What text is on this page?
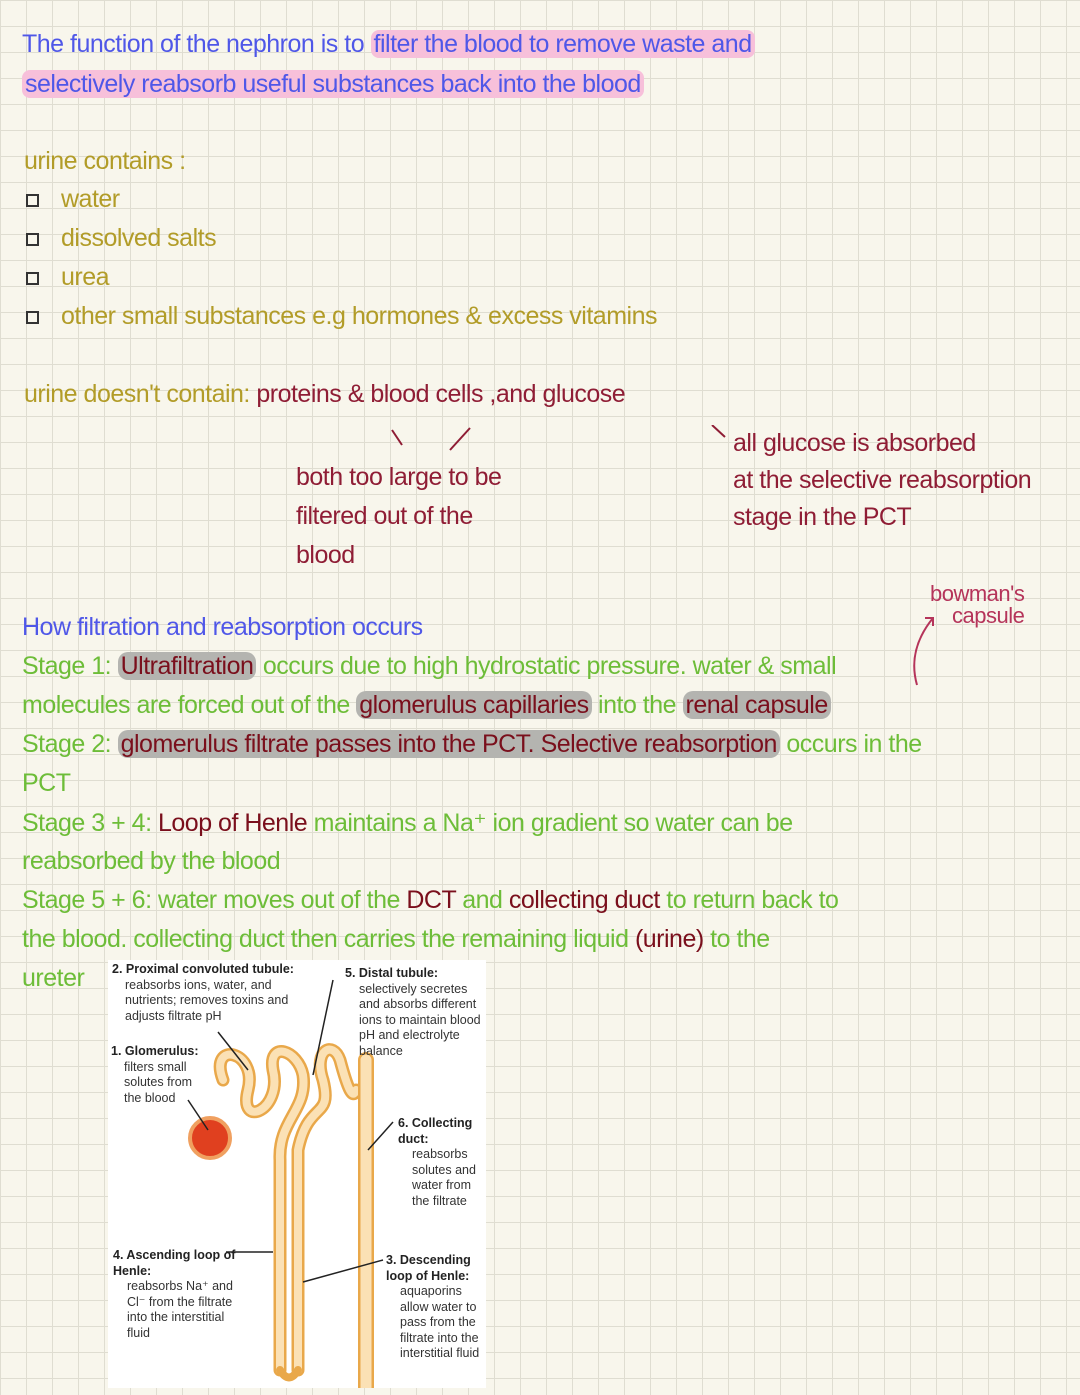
The function of the nephron is to filter the blood to remove waste and
selectively reabsorb useful substances back into the blood
urine contains :
water
dissolved salts
urea
other small substances e.g hormones & excess vitamins
urine doesn't contain: proteins & blood cells ,and glucose
both too large to be
filtered out of the
blood
all glucose is absorbed
at the selective reabsorption
stage in the PCT
How filtration and reabsorption occurs
bowman's
capsule
Stage 1: Ultrafiltration occurs due to high hydrostatic pressure. water & small
molecules are forced out of the glomerulus capillaries into the renal capsule
Stage 2: glomerulus filtrate passes into the PCT. Selective reabsorption occurs in the
PCT
Stage 3 + 4: Loop of Henle maintains a Na⁺ ion gradient so water can be
reabsorbed by the blood
Stage 5 + 6: water moves out of the DCT and collecting duct to return back to
the blood. collecting duct then carries the remaining liquid (urine) to the
ureter 2. Proximal convoluted tubule:
reabsorbs ions, water, and nutrients; removes toxins and adjusts filtrate pH
5. Distal tubule:
selectively secretes and absorbs different ions to maintain blood pH and electrolyte balance
1. Glomerulus:
filters small solutes from the blood
6. Collecting duct:
reabsorbs solutes and water from the filtrate
4. Ascending loop of Henle:
reabsorbs Na⁺ and Cl⁻ from the filtrate into the interstitial fluid
3. Descending loop of Henle:
aquaporins allow water to pass from the filtrate into the interstitial fluid
